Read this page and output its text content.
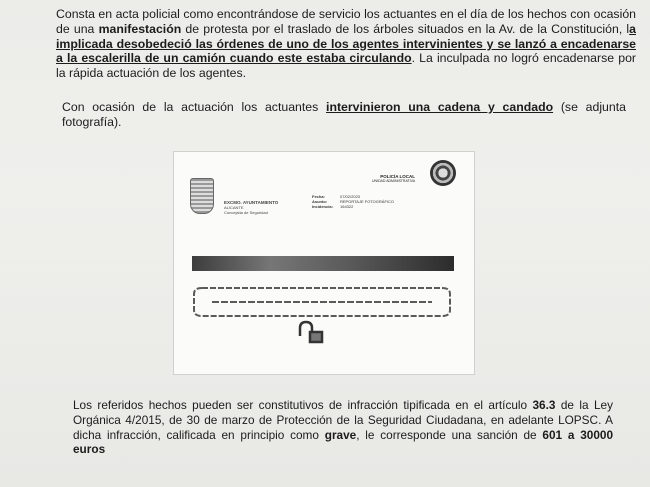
Consta en acta policial como encontrándose de servicio los actuantes en el día de los hechos con ocasión de una manifestación de protesta por el traslado de los árboles situados en la Av. de la Constitución, la implicada desobedeció las órdenes de uno de los agentes intervinientes y se lanzó a encadenarse a la escalerilla de un camión cuando este estaba circulando. La inculpada no logró encadenarse por la rápida actuación de los agentes.
Con ocasión de la actuación los actuantes intervinieron una cadena y candado (se adjunta fotografía).
EXCMO. AYUNTAMIENTO
ALICANTE
Concejalía de Seguridad
POLICÍA LOCAL
UNIDAD ADMINISTRATIVA
Fecha:	07/02/2023
Asunto:	REPORTAJE FOTOGRÁFICO
Incidencia: 164322
Los referidos hechos pueden ser constitutivos de infracción tipificada en el artículo 36.3 de la Ley Orgánica 4/2015, de 30 de marzo de Protección de la Seguridad Ciudadana, en adelante LOPSC. A dicha infracción, calificada en principio como grave, le corresponde una sanción de 601 a 30000 euros
